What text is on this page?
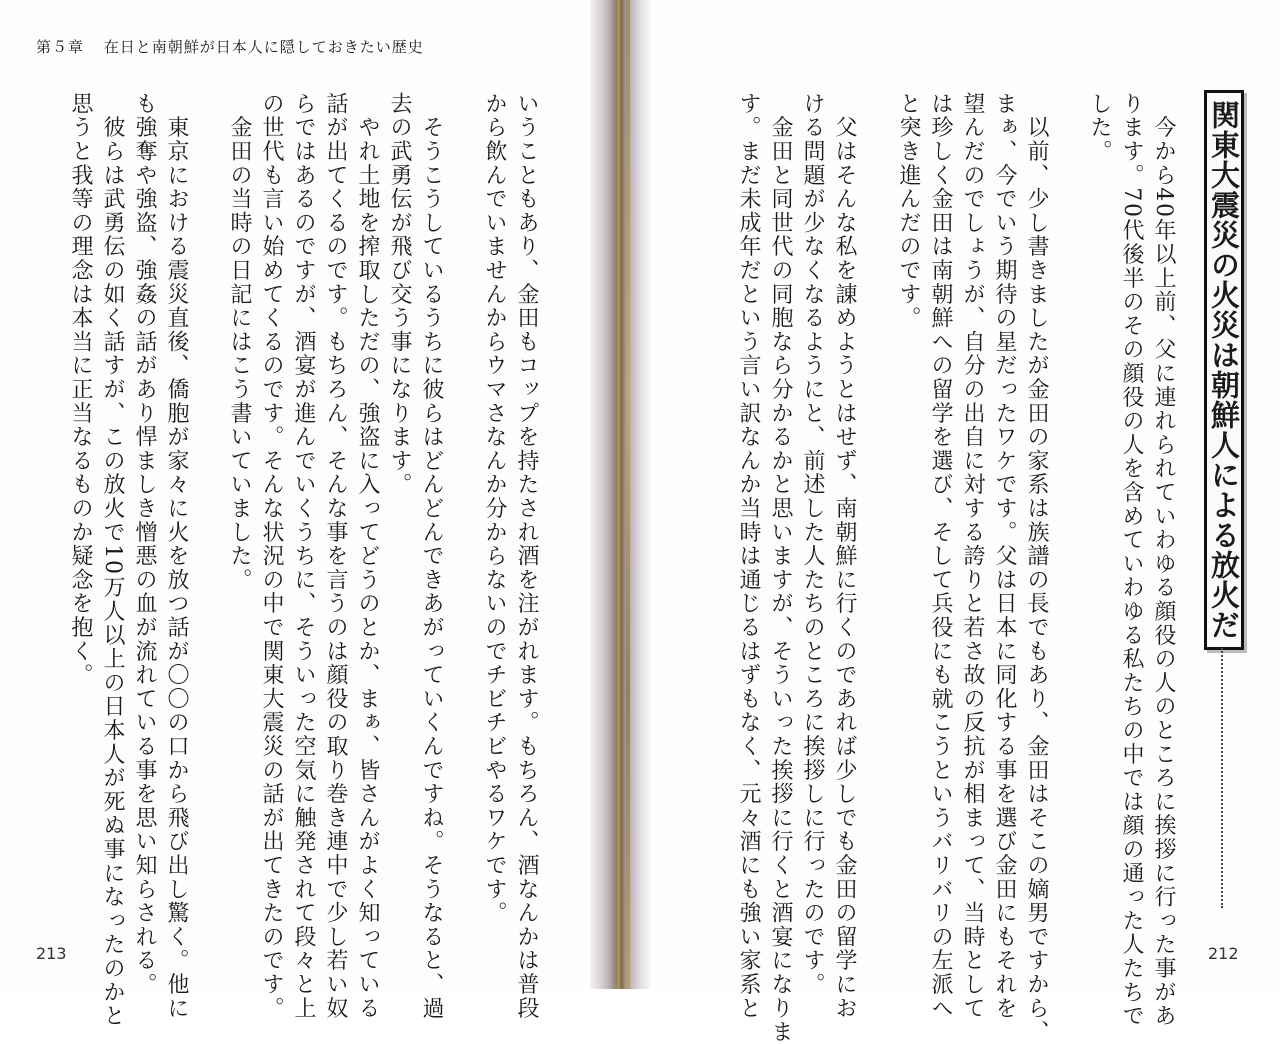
第５章 在日と南朝鮮が日本人に隠しておきたい歴史
いうこともあり、金田もコップを持たされ酒を注がれます。もちろん、酒なんかは普段
から飲んでいませんからウマさなんか分からないのでチビチビやるワケです。
　そうこうしているうちに彼らはどんどんできあがっていくんですね。そうなると、過
去の武勇伝が飛び交う事になります。
　やれ土地を搾取しただの、強盗に入ってどうのとか、まぁ、皆さんがよく知っている
話が出てくるのです。もちろん、そんな事を言うのは顔役の取り巻き連中で少し若い奴
らではあるのですが、酒宴が進んでいくうちに、そういった空気に触発されて段々と上
の世代も言い始めてくるのです。そんな状況の中で関東大震災の話が出てきたのです。
　金田の当時の日記にはこう書いていました。
　東京における震災直後、僑胞が家々に火を放つ話が〇〇の口から飛び出し驚く。他に
も強奪や強盗、強姦の話があり悍ましき憎悪の血が流れている事を思い知らされる。
　彼らは武勇伝の如く話すが、この放火で10万人以上の日本人が死ぬ事になったのかと
思うと我等の理念は本当に正当なるものか疑念を抱く。
213
関東大震災の火災は朝鮮人による放火だ
　今から40年以上前、父に連れられていわゆる顔役の人のところに挨拶に行った事があ
ります。70代後半のその顔役の人を含めていわゆる私たちの中では顔の通った人たちで
した。
　以前、少し書きましたが金田の家系は族譜の長でもあり、金田はそこの嫡男ですから、
まぁ、今でいう期待の星だったワケです。父は日本に同化する事を選び金田にもそれを
望んだのでしょうが、自分の出自に対する誇りと若さ故の反抗が相まって、当時として
は珍しく金田は南朝鮮への留学を選び、そして兵役にも就こうというバリバリの左派へ
と突き進んだのです。
　父はそんな私を諌めようとはせず、南朝鮮に行くのであれば少しでも金田の留学にお
ける問題が少なくなるようにと、前述した人たちのところに挨拶しに行ったのです。
　金田と同世代の同胞なら分かるかと思いますが、そういった挨拶に行くと酒宴になりま
す。まだ未成年だという言い訳なんか当時は通じるはずもなく、元々酒にも強い家系と	212
